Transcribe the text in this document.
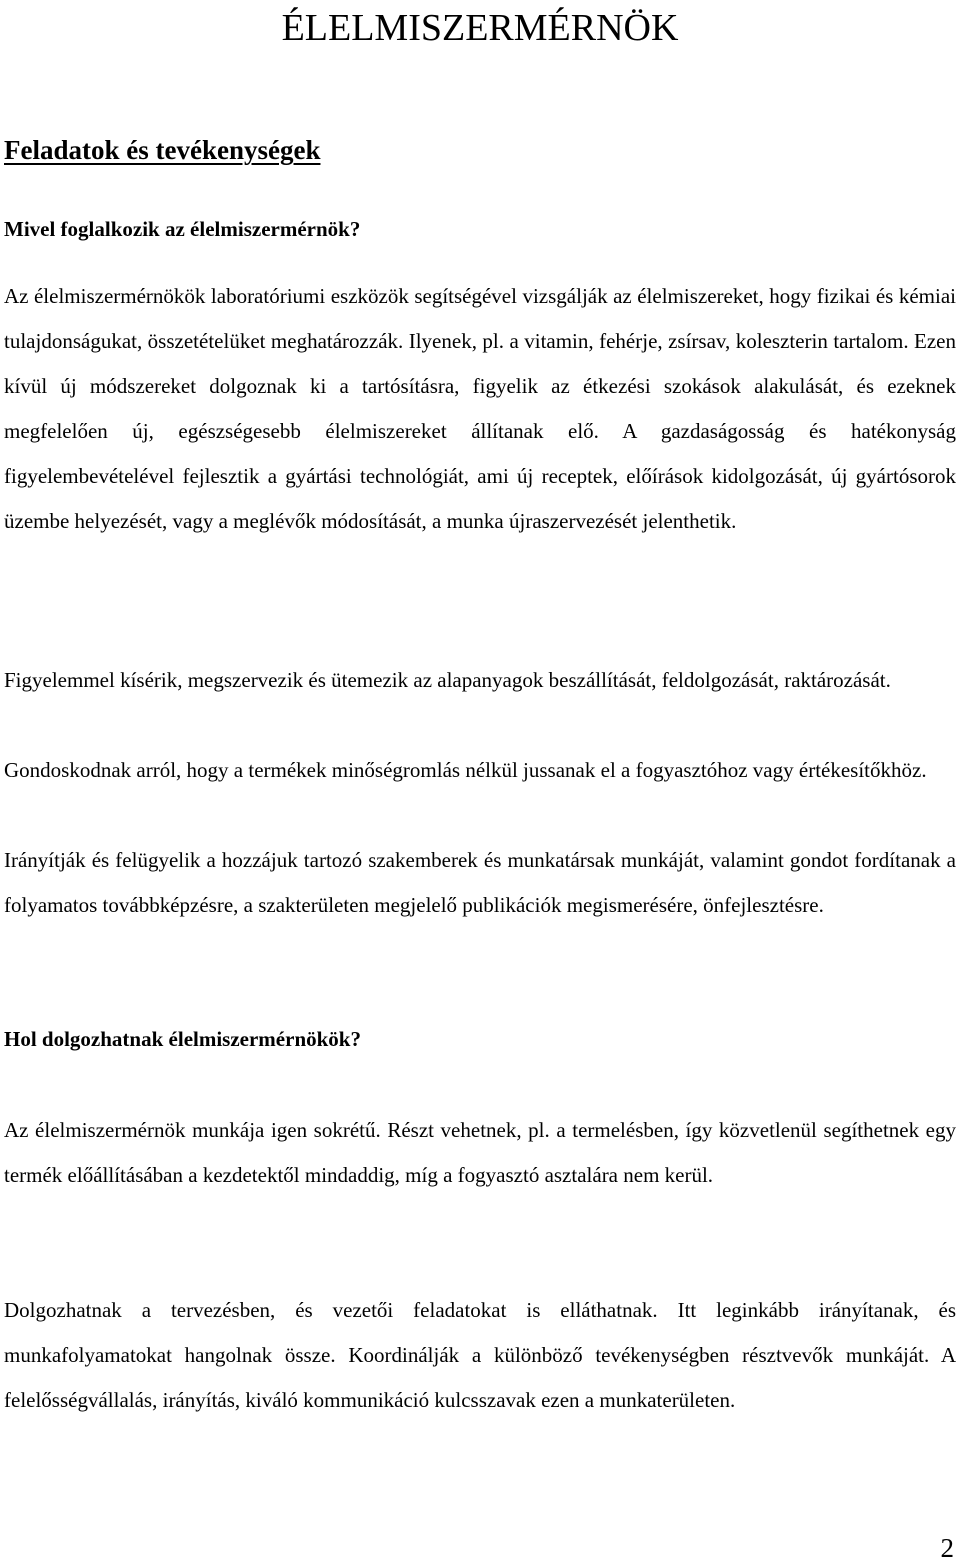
ÉLELMISZERMÉRNÖK
Feladatok és tevékenységek
Mivel foglalkozik az élelmiszermérnök?

Az élelmiszermérnökök laboratóriumi eszközök segítségével vizsgálják az élelmiszereket, hogy fizikai és kémiai tulajdonságukat, összetételüket meghatározzák. Ilyenek, pl. a vitamin, fehérje, zsírsav, koleszterin tartalom. Ezen kívül új módszereket dolgoznak ki a tartósításra, figyelik az étkezési szokások alakulását, és ezeknek megfelelően új, egészségesebb élelmiszereket állítanak elő. A gazdaságosság és hatékonyság figyelembevételével fejlesztik a gyártási technológiát, ami új receptek, előírások kidolgozását, új gyártósorok üzembe helyezését, vagy a meglévők módosítását, a munka újraszervezését jelenthetik.

Figyelemmel kísérik, megszervezik és ütemezik az alapanyagok beszállítását, feldolgozását, raktározását.

Gondoskodnak arról, hogy a termékek minőségromlás nélkül jussanak el a fogyasztóhoz vagy értékesítőkhöz.

Irányítják és felügyelik a hozzájuk tartozó szakemberek és munkatársak munkáját, valamint gondot fordítanak a folyamatos továbbképzésre, a szakterületen megjelelő publikációk megismerésére, önfejlesztésre.

Hol dolgozhatnak élelmiszermérnökök?

Az élelmiszermérnök munkája igen sokrétű. Részt vehetnek, pl. a termelésben, így közvetlenül segíthetnek egy termék előállításában a kezdetektől mindaddig, míg a fogyasztó asztalára nem kerül.

Dolgozhatnak a tervezésben, és vezetői feladatokat is elláthatnak. Itt leginkább irányítanak, és munkafolyamatokat hangolnak össze. Koordinálják a különböző tevékenységben résztvevők munkáját. A felelősségvállalás, irányítás, kiváló kommunikáció kulcsszavak ezen a munkaterületen.

2
